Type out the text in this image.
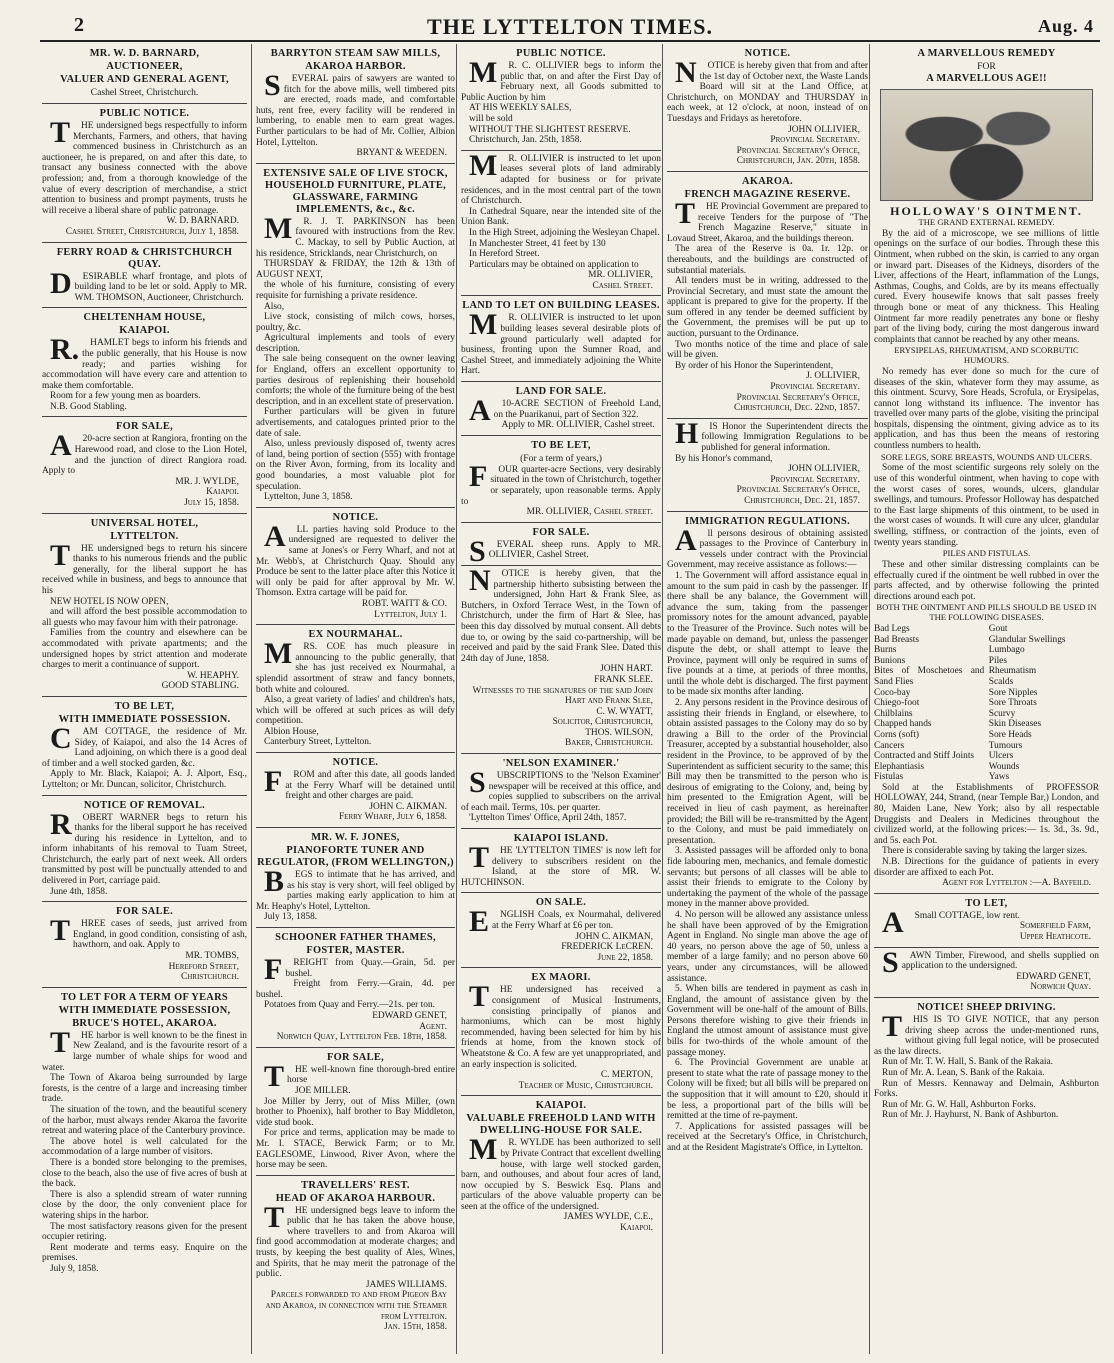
2	THE LYTTELTON TIMES.	Aug. 4
MR. W. D. BARNARD,
AUCTIONEER,
VALUER AND GENERAL AGENT,
Cashel Street, Christchurch.
PUBLIC NOTICE.

THE undersigned begs respectfully to inform Merchants, Farmers, and others, that having commenced business in Christchurch as an auctioneer, he is prepared, on and after this date, to transact any business connected with the above profession; and, from a thorough knowledge of the value of every description of merchandise, a strict attention to business and prompt payments, trusts he will receive a liberal share of public patronage.

W. D. BARNARD.
Cashel Street, Christchurch, July 1, 1858.
FERRY ROAD & CHRISTCHURCH QUAY.

DESIRABLE wharf frontage, and plots of building land to be let or sold. Apply to MR. WM. THOMSON, Auctioneer, Christchurch.

CHELTENHAM HOUSE,
KAIAPOI.

R.HAMLET begs to inform his friends and the public generally, that his House is now ready; and parties wishing for accommodation will have every care and attention to make them comfortable.

Room for a few young men as boarders.

N.B. Good Stabling.

FOR SALE,

A20-acre section at Rangiora, fronting on the Harewood road, and close to the Lion Hotel, and the junction of direct Rangiora road. Apply to

MR. J. WYLDE,
Kaiapoi.
July 15, 1858.
UNIVERSAL HOTEL,
LYTTELTON.

THE undersigned begs to return his sincere thanks to his numerous friends and the public generally, for the liberal support he has received while in business, and begs to announce that his

NEW HOTEL IS NOW OPEN,

and will afford the best possible accommodation to all guests who may favour him with their patronage.

Families from the country and elsewhere can be accommodated with private apartments; and the undersigned hopes by strict attention and moderate charges to merit a continuance of support.

W. HEAPHY.
GOOD STABLING.
TO BE LET,
WITH IMMEDIATE POSSESSION.

CAM COTTAGE, the residence of Mr. Sidey, of Kaiapoi, and also the 14 Acres of Land adjoining, on which there is a good deal of timber and a well stocked garden, &c.

Apply to Mr. Black, Kaiapoi; A. J. Alport, Esq., Lyttelton; or Mr. Duncan, solicitor, Christchurch.

NOTICE OF REMOVAL.

ROBERT WARNER begs to return his thanks for the liberal support he has received during his residence in Lyttelton, and to inform inhabitants of his removal to Tuam Street, Christchurch, the early part of next week. All orders transmitted by post will be punctually attended to and delivered in Port, carriage paid.

June 4th, 1858.

FOR SALE.

THREE cases of seeds, just arrived from England, in good condition, consisting of ash, hawthorn, and oak. Apply to

MR. TOMBS,
Hereford Street,
Christchurch.
TO LET FOR A TERM OF YEARS
WITH IMMEDIATE POSSESSION,
BRUCE'S HOTEL, AKAROA.

THE harbor is well known to be the finest in New Zealand, and is the favourite resort of a large number of whale ships for wood and water.

The Town of Akaroa being surrounded by large forests, is the centre of a large and increasing timber trade.

The situation of the town, and the beautiful scenery of the harbor, must always render Akaroa the favorite retreat and watering place of the Canterbury province.

The above hotel is well calculated for the accommodation of a large number of visitors.

There is a bonded store belonging to the premises, close to the beach, also the use of five acres of bush at the back.

There is also a splendid stream of water running close by the door, the only convenient place for watering ships in the harbor.

The most satisfactory reasons given for the present occupier retiring.

Rent moderate and terms easy. Enquire on the premises.

July 9, 1858.

BARRYTON STEAM SAW MILLS,
AKAROA HARBOR.

SEVERAL pairs of sawyers are wanted to fitch for the above mills, well timbered pits are erected, roads made, and comfortable huts, rent free, every facility will be rendered in lumbering, to enable men to earn great wages. Further particulars to be had of Mr. Collier, Albion Hotel, Lyttelton.

BRYANT & WEEDEN.
EXTENSIVE SALE OF LIVE STOCK, HOUSEHOLD FURNITURE, PLATE, GLASSWARE, FARMING IMPLEMENTS, &c., &c.

MR. J. T. PARKINSON has been favoured with instructions from the Rev. C. Mackay, to sell by Public Auction, at his residence, Stricklands, near Christchurch, on

THURSDAY & FRIDAY, the 12th & 13th of AUGUST NEXT,

the whole of his furniture, consisting of every requisite for furnishing a private residence.

Also,

Live stock, consisting of milch cows, horses, poultry, &c.

Agricultural implements and tools of every description.

The sale being consequent on the owner leaving for England, offers an excellent opportunity to parties desirous of replenishing their household comforts; the whole of the furniture being of the best description, and in an excellent state of preservation.

Further particulars will be given in future advertisements, and catalogues printed prior to the date of sale.

Also, unless previously disposed of, twenty acres of land, being portion of section (555) with frontage on the River Avon, forming, from its locality and good boundaries, a most valuable plot for speculation.

Lyttelton, June 3, 1858.

NOTICE.

ALL parties having sold Produce to the undersigned are requested to deliver the same at Jones's or Ferry Wharf, and not at Mr. Webb's, at Christchurch Quay. Should any Produce be sent to the latter place after this Notice it will only be paid for after approval by Mr. W. Thomson. Extra cartage will be paid for.

ROBT. WAITT & CO.
Lyttelton, July 1.
EX NOURMAHAL.

MRS. COE has much pleasure in announcing to the public generally, that she has just received ex Nourmahal, a splendid assortment of straw and fancy bonnets, both white and coloured.

Also, a great variety of ladies' and children's hats, which will be offered at such prices as will defy competition.

Albion House,

Canterbury Street, Lyttelton.

NOTICE.

FROM and after this date, all goods landed at the Ferry Wharf will be detained until freight and other charges are paid.

JOHN C. AIKMAN.
Ferry Wharf, July 6, 1858.
MR. W. F. JONES,
PIANOFORTE TUNER AND REGULATOR, (FROM WELLINGTON,)

BEGS to intimate that he has arrived, and as his stay is very short, will feel obliged by parties making early application to him at Mr. Heaphy's Hotel, Lyttelton.

July 13, 1858.

SCHOONER FATHER THAMES,
FOSTER, MASTER.

FREIGHT from Quay.—Grain, 5d. per bushel.

Freight from Ferry.—Grain, 4d. per bushel.

Potatoes from Quay and Ferry.—21s. per ton.

EDWARD GENET,
Agent.
Norwich Quay, Lyttelton Feb. 18th, 1858.
FOR SALE,

THE well-known fine thorough-bred entire horse

JOE MILLER.

Joe Miller by Jerry, out of Miss Miller, (own brother to Phoenix), half brother to Bay Middleton, vide stud book.

For price and terms, application may be made to Mr. I. STACE, Berwick Farm; or to Mr. EAGLESOME, Linwood, River Avon, where the horse may be seen.

TRAVELLERS' REST.
HEAD OF AKAROA HARBOUR.

THE undersigned begs leave to inform the public that he has taken the above house, where travellers to and from Akaroa will find good accommodation at moderate charges; and trusts, by keeping the best quality of Ales, Wines, and Spirits, that he may merit the patronage of the public.

JAMES WILLIAMS.
Parcels forwarded to and from Pigeon Bay and Akaroa, in connection with the Steamer from Lyttelton.
Jan. 15th, 1858.
PUBLIC NOTICE.

MR. C. OLLIVIER begs to inform the public that, on and after the First Day of February next, all Goods submitted to Public Auction by him

AT HIS WEEKLY SALES,

will be sold

WITHOUT THE SLIGHTEST RESERVE.

Christchurch, Jan. 25th, 1858.

MR. OLLIVIER is instructed to let upon leases several plots of land admirably adapted for business or for private residences, and in the most central part of the town of Christchurch.

In Cathedral Square, near the intended site of the Union Bank.

In the High Street, adjoining the Wesleyan Chapel.

In Manchester Street, 41 feet by 130

In Hereford Street.

Particulars may be obtained on application to

MR. OLLIVIER,
Cashel Street.
LAND TO LET ON BUILDING LEASES.

MR. OLLIVIER is instructed to let upon building leases several desirable plots of ground particularly well adapted for business, fronting upon the Sumner Road, and Cashel Street, and immediately adjoining the White Hart.

LAND FOR SALE.

A10-ACRE SECTION of Freehold Land, on the Puarikanui, part of Section 322.

Apply to MR. OLLIVIER, Cashel street.

TO BE LET,
(For a term of years,)

FOUR quarter-acre Sections, very desirably situated in the town of Christchurch, together or separately, upon reasonable terms. Apply to

MR. OLLIVIER, Cashel street.
FOR SALE.

SEVERAL sheep runs. Apply to MR. OLLIVIER, Cashel Street.

NOTICE is hereby given, that the partnership hitherto subsisting between the undersigned, John Hart & Frank Slee, as Butchers, in Oxford Terrace West, in the Town of Christchurch, under the firm of Hart & Slee, has been this day dissolved by mutual consent. All debts due to, or owing by the said co-partnership, will be received and paid by the said Frank Slee. Dated this 24th day of June, 1858.

JOHN HART.
FRANK SLEE.
Witnesses to the signatures of the said John Hart and Frank Slee,
C. W. WYATT,
Solicitor, Christchurch,
THOS. WILSON,
Baker, Christchurch.
'NELSON EXAMINER.'

SUBSCRIPTIONS to the 'Nelson Examiner' newspaper will be received at this office, and copies supplied to subscribers on the arrival of each mail. Terms, 10s. per quarter.

'Lyttelton Times' Office, April 24th, 1857.

KAIAPOI ISLAND.

THE 'LYTTELTON TIMES' is now left for delivery to subscribers resident on the Island, at the store of MR. W. HUTCHINSON.

ON SALE.

ENGLISH Coals, ex Nourmahal, delivered at the Ferry Wharf at £6 per ton.

JOHN C. AIKMAN,
FREDERICK LeCREN.
June 22, 1858.
EX MAORI.

THE undersigned has received a consignment of Musical Instruments, consisting principally of pianos and harmoniums, which can be most highly recommended, having been selected for him by his friends at home, from the known stock of Wheatstone & Co. A few are yet unappropriated, and an early inspection is solicited.

C. MERTON,
Teacher of Music, Christchurch.
KAIAPOI.
VALUABLE FREEHOLD LAND WITH DWELLING-HOUSE FOR SALE.

MR. WYLDE has been authorized to sell by Private Contract that excellent dwelling house, with large well stocked garden, barn, and outhouses, and about four acres of land, now occupied by S. Beswick Esq. Plans and particulars of the above valuable property can be seen at the office of the undersigned.

JAMES WYLDE, C.E.,
Kaiapoi.
NOTICE.

NOTICE is hereby given that from and after the 1st day of October next, the Waste Lands Board will sit at the Land Office, at Christchurch, on MONDAY and THURSDAY in each week, at 12 o'clock, at noon, instead of on Tuesdays and Fridays as heretofore.

JOHN OLLIVIER,
Provincial Secretary.
Provincial Secretary's Office,
Christchurch, Jan. 20th, 1858.
AKAROA.
FRENCH MAGAZINE RESERVE.

THE Provincial Government are prepared to receive Tenders for the purpose of "The French Magazine Reserve," situate in Lovaud Street, Akaroa, and the buildings thereon.

The area of the Reserve is 0a. 1r. 12p. or thereabouts, and the buildings are constructed of substantial materials.

All tenders must be in writing, addressed to the Provincial Secretary, and must state the amount the applicant is prepared to give for the property. If the sum offered in any tender be deemed sufficient by the Government, the premises will be put up to auction, pursuant to the Ordinance.

Two months notice of the time and place of sale will be given.

By order of his Honor the Superintendent,

J. OLLIVIER,
Provincial Secretary.
Provincial Secretary's Office,
Christchurch, Dec. 22nd, 1857.

HIS Honor the Superintendent directs the following Immigration Regulations to be published for general information.

By his Honor's command,

JOHN OLLIVIER,
Provincial Secretary.
Provincial Secretary's Office,
Christchurch, Dec. 21, 1857.
IMMIGRATION REGULATIONS.

All persons desirous of obtaining assisted passages to the Province of Canterbury in vessels under contract with the Provincial Government, may receive assistance as follows:—

1. The Government will afford assistance equal in amount to the sum paid in cash by the passenger. If there shall be any balance, the Government will advance the sum, taking from the passenger promissory notes for the amount advanced, payable to the Treasurer of the Province. Such notes will be made payable on demand, but, unless the passenger dispute the debt, or shall attempt to leave the Province, payment will only be required in sums of five pounds at a time, at periods of three months, until the whole debt is discharged. The first payment to be made six months after landing.

2. Any persons resident in the Province desirous of assisting their friends in England, or elsewhere, to obtain assisted passages to the Colony may do so by drawing a Bill to the order of the Provincial Treasurer, accepted by a substantial householder, also resident in the Province, to be approved of by the Superintendent as sufficient security to the same; this Bill may then be transmitted to the person who is desirous of emigrating to the Colony, and, being by him presented to the Emigration Agent, will be received in lieu of cash payment, as hereinafter provided; the Bill will be re-transmitted by the Agent to the Colony, and must be paid immediately on presentation.

3. Assisted passages will be afforded only to bona fide labouring men, mechanics, and female domestic servants; but persons of all classes will be able to assist their friends to emigrate to the Colony by undertaking the payment of the whole of the passage money in the manner above provided.

4. No person will be allowed any assistance unless he shall have been approved of by the Emigration Agent in England. No single man above the age of 40 years, no person above the age of 50, unless a member of a large family; and no person above 60 years, under any circumstances, will be allowed assistance.

5. When bills are tendered in payment as cash in England, the amount of assistance given by the Government will be one-half of the amount of Bills. Persons therefore wishing to give their friends in England the utmost amount of assistance must give bills for two-thirds of the whole amount of the passage money.

6. The Provincial Government are unable at present to state what the rate of passage money to the Colony will be fixed; but all bills will be prepared on the supposition that it will amount to £20, should it be less, a proportional part of the bills will be remitted at the time of re-payment.

7. Applications for assisted passages will be received at the Secretary's Office, in Christchurch, and at the Resident Magistrate's Office, in Lyttelton.

A MARVELLOUS REMEDY
FOR
A MARVELLOUS AGE!!
HOLLOWAY'S OINTMENT.
THE GRAND EXTERNAL REMEDY.

By the aid of a microscope, we see millions of little openings on the surface of our bodies. Through these this Ointment, when rubbed on the skin, is carried to any organ or inward part. Diseases of the Kidneys, disorders of the Liver, affections of the Heart, inflammation of the Lungs, Asthmas, Coughs, and Colds, are by its means effectually cured. Every housewife knows that salt passes freely through bone or meat of any thickness. This Healing Ointment far more readily penetrates any bone or fleshy part of the living body, curing the most dangerous inward complaints that cannot be reached by any other means.

ERYSIPELAS, RHEUMATISM, AND SCORBUTIC HUMOURS.

No remedy has ever done so much for the cure of diseases of the skin, whatever form they may assume, as this ointment. Scurvy, Sore Heads, Scrofula, or Erysipelas, cannot long withstand its influence. The inventor has travelled over many parts of the globe, visiting the principal hospitals, dispensing the ointment, giving advice as to its application, and has thus been the means of restoring countless numbers to health.

SORE LEGS, SORE BREASTS, WOUNDS AND ULCERS.

Some of the most scientific surgeons rely solely on the use of this wonderful ointment, when having to cope with the worst cases of sores, wounds, ulcers, glandular swellings, and tumours. Professor Holloway has despatched to the East large shipments of this ointment, to be used in the worst cases of wounds. It will cure any ulcer, glandular swelling, stiffness, or contraction of the joints, even of twenty years standing.

PILES AND FISTULAS.

These and other similar distressing complaints can be effectually cured if the ointment be well rubbed in over the parts affected, and by otherwise following the printed directions around each pot.

BOTH THE OINTMENT AND PILLS SHOULD BE USED IN THE FOLLOWING DISEASES.
Bad Legs
Bad Breasts
Burns
Bunions
Bites of Moschetoes and Sand Flies
Coco-bay
Chiego-foot
Chilblains
Chapped hands
Corns (soft)
Cancers
Contracted and Stiff Joints
Elephantiasis
Fistulas
Gout
Glandular Swellings
Lumbago
Piles
Rheumatism
Scalds
Sore Nipples
Sore Throats
Scurvy
Skin Diseases
Sore Heads
Tumours
Ulcers
Wounds
Yaws

Sold at the Establishments of PROFESSOR HOLLOWAY, 244, Strand, (near Temple Bar,) London, and 80, Maiden Lane, New York; also by all respectable Druggists and Dealers in Medicines throughout the civilized world, at the following prices:— 1s. 3d., 3s. 9d., and 5s. each Pot.

There is considerable saving by taking the larger sizes.

N.B. Directions for the guidance of patients in every disorder are affixed to each Pot.

Agent for Lyttelton :—A. Bayfeild.
TO LET,

ASmall COTTAGE, low rent.

Somerfield Farm,
Upper Heathcote.

SAWN Timber, Firewood, and shells supplied on application to the undersigned.

EDWARD GENET,
Norwich Quay.
NOTICE! SHEEP DRIVING.

THIS IS TO GIVE NOTICE, that any person driving sheep across the under-mentioned runs, without giving full legal notice, will be prosecuted as the law directs.

Run of Mr. T. W. Hall, S. Bank of the Rakaia.

Run of Mr. A. Lean, S. Bank of the Rakaia.

Run of Messrs. Kennaway and Delmain, Ashburton Forks.

Run of Mr. G. W. Hall, Ashburton Forks.

Run of Mr. J. Hayhurst, N. Bank of Ashburton.
